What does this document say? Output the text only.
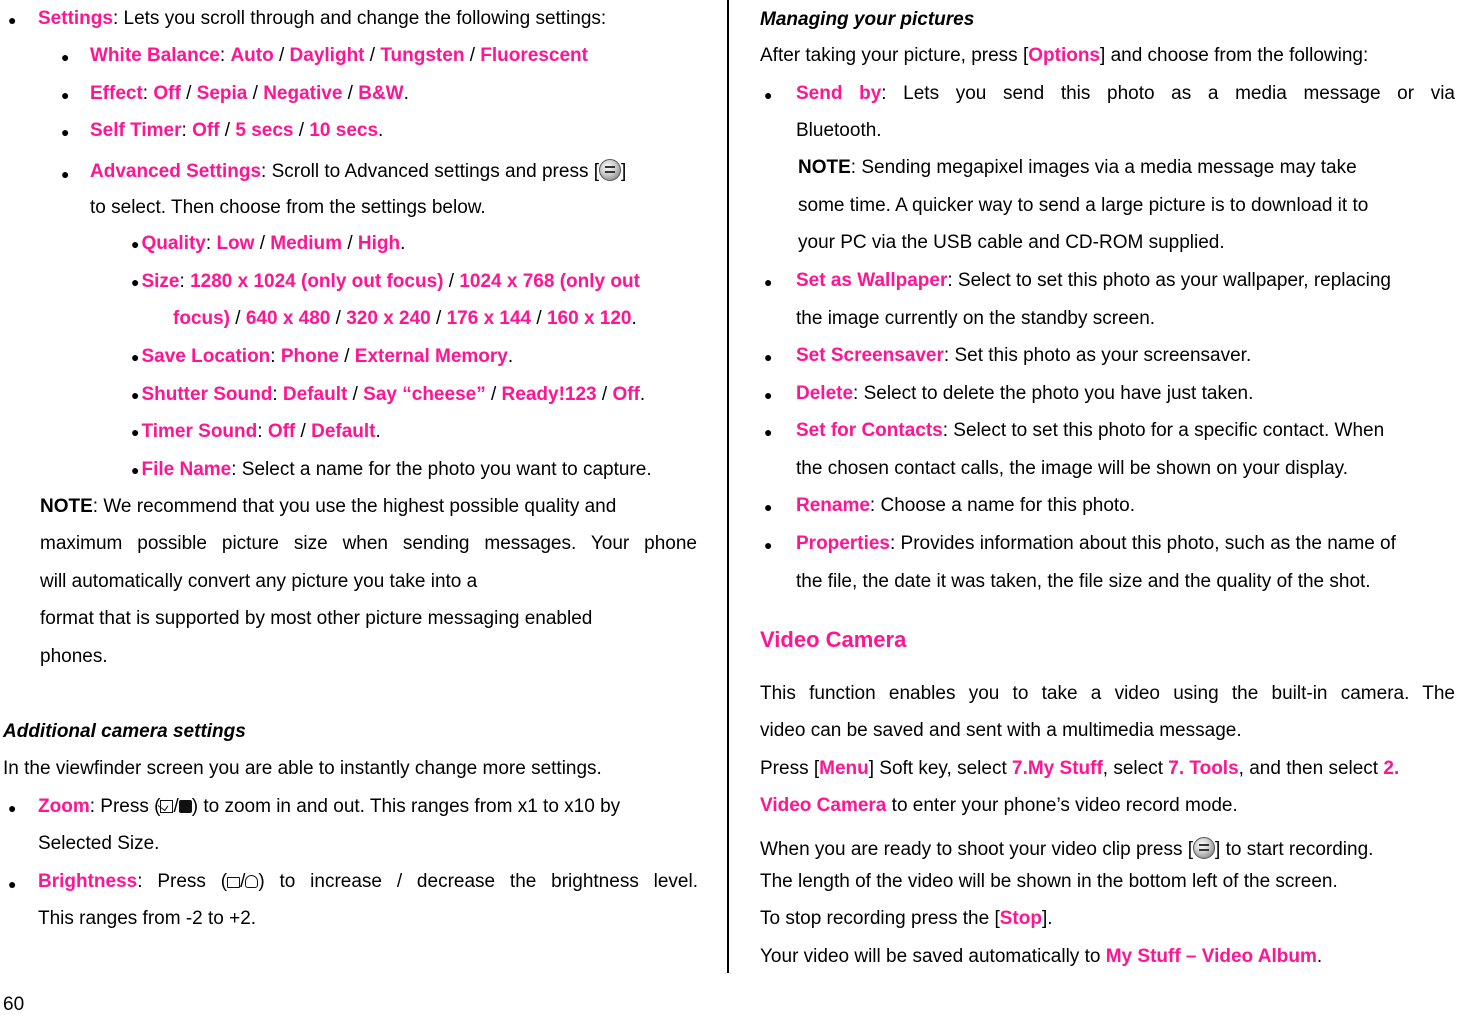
● Settings: Lets you scroll through and change the following settings:
● White Balance: Auto / Daylight / Tungsten / Fluorescent
● Effect: Off / Sepia / Negative / B&W.
● Self Timer: Off / 5 secs / 10 secs.
● Advanced Settings: Scroll to Advanced settings and press [ ]
to select. Then choose from the settings below.
● Quality: Low / Medium / High.
● Size: 1280 x 1024 (only out focus) / 1024 x 768 (only out
focus) / 640 x 480 / 320 x 240 / 176 x 144 / 160 x 120.
● Save Location: Phone / External Memory.
● Shutter Sound: Default / Say “cheese” / Ready!123 / Off.
● Timer Sound: Off / Default.
● File Name: Select a name for the photo you want to capture.
NOTE: We recommend that you use the highest possible quality and
maximum possible picture size when sending messages. Your phone
will automatically convert any picture you take into a
format that is supported by most other picture messaging enabled
phones.
Additional camera settings
In the viewfinder screen you are able to instantly change more settings.
● Zoom: Press ( / ) to zoom in and out. This ranges from x1 to x10 by
Selected Size.
● Brightness: Press ( / ) to increase / decrease the brightness level.
This ranges from -2 to +2.
60
Managing your pictures
After taking your picture, press [Options] and choose from the following:
● Send by: Lets you send this photo as a media message or via
Bluetooth.
NOTE: Sending megapixel images via a media message may take
some time. A quicker way to send a large picture is to download it to
your PC via the USB cable and CD-ROM supplied.
● Set as Wallpaper: Select to set this photo as your wallpaper, replacing
the image currently on the standby screen.
● Set Screensaver: Set this photo as your screensaver.
● Delete: Select to delete the photo you have just taken.
● Set for Contacts: Select to set this photo for a specific contact. When
the chosen contact calls, the image will be shown on your display.
● Rename: Choose a name for this photo.
● Properties: Provides information about this photo, such as the name of
the file, the date it was taken, the file size and the quality of the shot.
Video Camera
This function enables you to take a video using the built-in camera. The
video can be saved and sent with a multimedia message.
Press [Menu] Soft key, select 7.My Stuff, select 7. Tools, and then select 2.
Video Camera to enter your phone’s video record mode.
When you are ready to shoot your video clip press [ ] to start recording.
The length of the video will be shown in the bottom left of the screen.
To stop recording press the [Stop].
Your video will be saved automatically to My Stuff – Video Album.
